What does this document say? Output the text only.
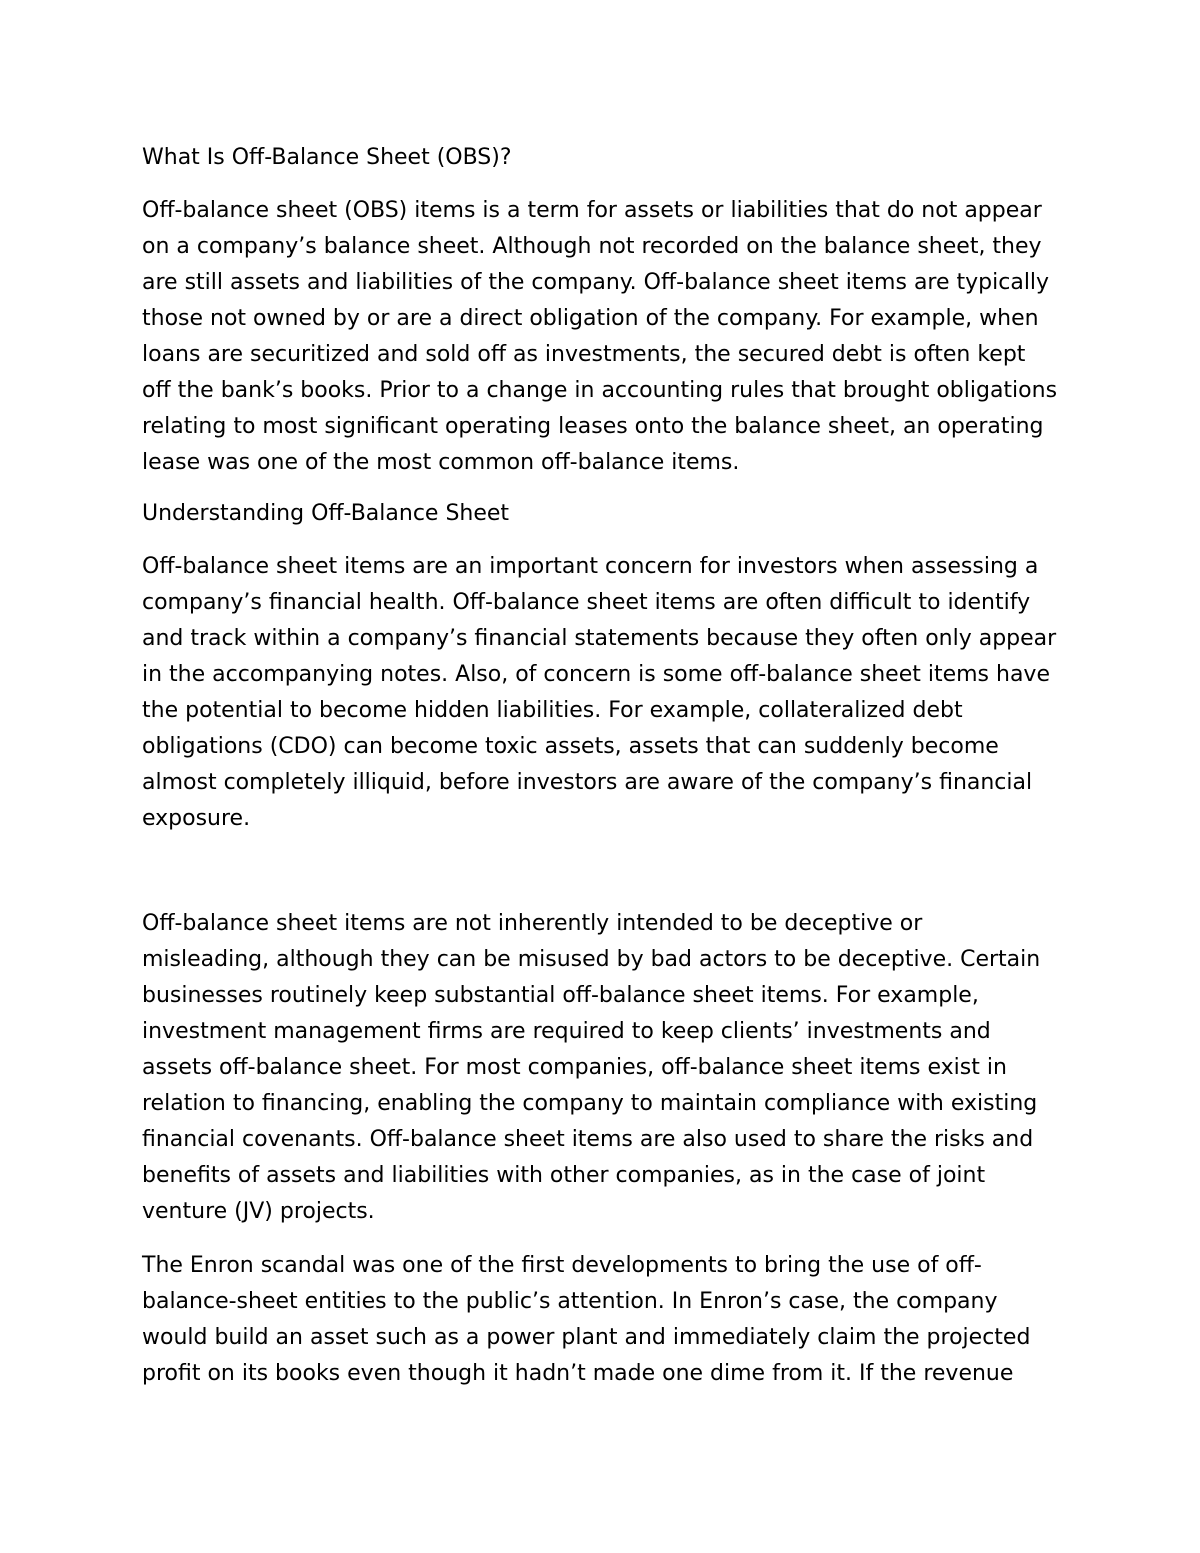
What Is Off-Balance Sheet (OBS)?

Off-balance sheet (OBS) items is a term for assets or liabilities that do not appear

on a company’s balance sheet. Although not recorded on the balance sheet, they

are still assets and liabilities of the company. Off-balance sheet items are typically

those not owned by or are a direct obligation of the company. For example, when

loans are securitized and sold off as investments, the secured debt is often kept

off the bank’s books. Prior to a change in accounting rules that brought obligations

relating to most significant operating leases onto the balance sheet, an operating

lease was one of the most common off-balance items.

Understanding Off-Balance Sheet

Off-balance sheet items are an important concern for investors when assessing a

company’s financial health. Off-balance sheet items are often difficult to identify

and track within a company’s financial statements because they often only appear

in the accompanying notes. Also, of concern is some off-balance sheet items have

the potential to become hidden liabilities. For example, collateralized debt

obligations (CDO) can become toxic assets, assets that can suddenly become

almost completely illiquid, before investors are aware of the company’s financial

exposure.

Off-balance sheet items are not inherently intended to be deceptive or

misleading, although they can be misused by bad actors to be deceptive. Certain

businesses routinely keep substantial off-balance sheet items. For example,

investment management firms are required to keep clients’ investments and

assets off-balance sheet. For most companies, off-balance sheet items exist in

relation to financing, enabling the company to maintain compliance with existing

financial covenants. Off-balance sheet items are also used to share the risks and

benefits of assets and liabilities with other companies, as in the case of joint

venture (JV) projects.

The Enron scandal was one of the first developments to bring the use of off-

balance-sheet entities to the public’s attention. In Enron’s case, the company

would build an asset such as a power plant and immediately claim the projected

profit on its books even though it hadn’t made one dime from it. If the revenue
